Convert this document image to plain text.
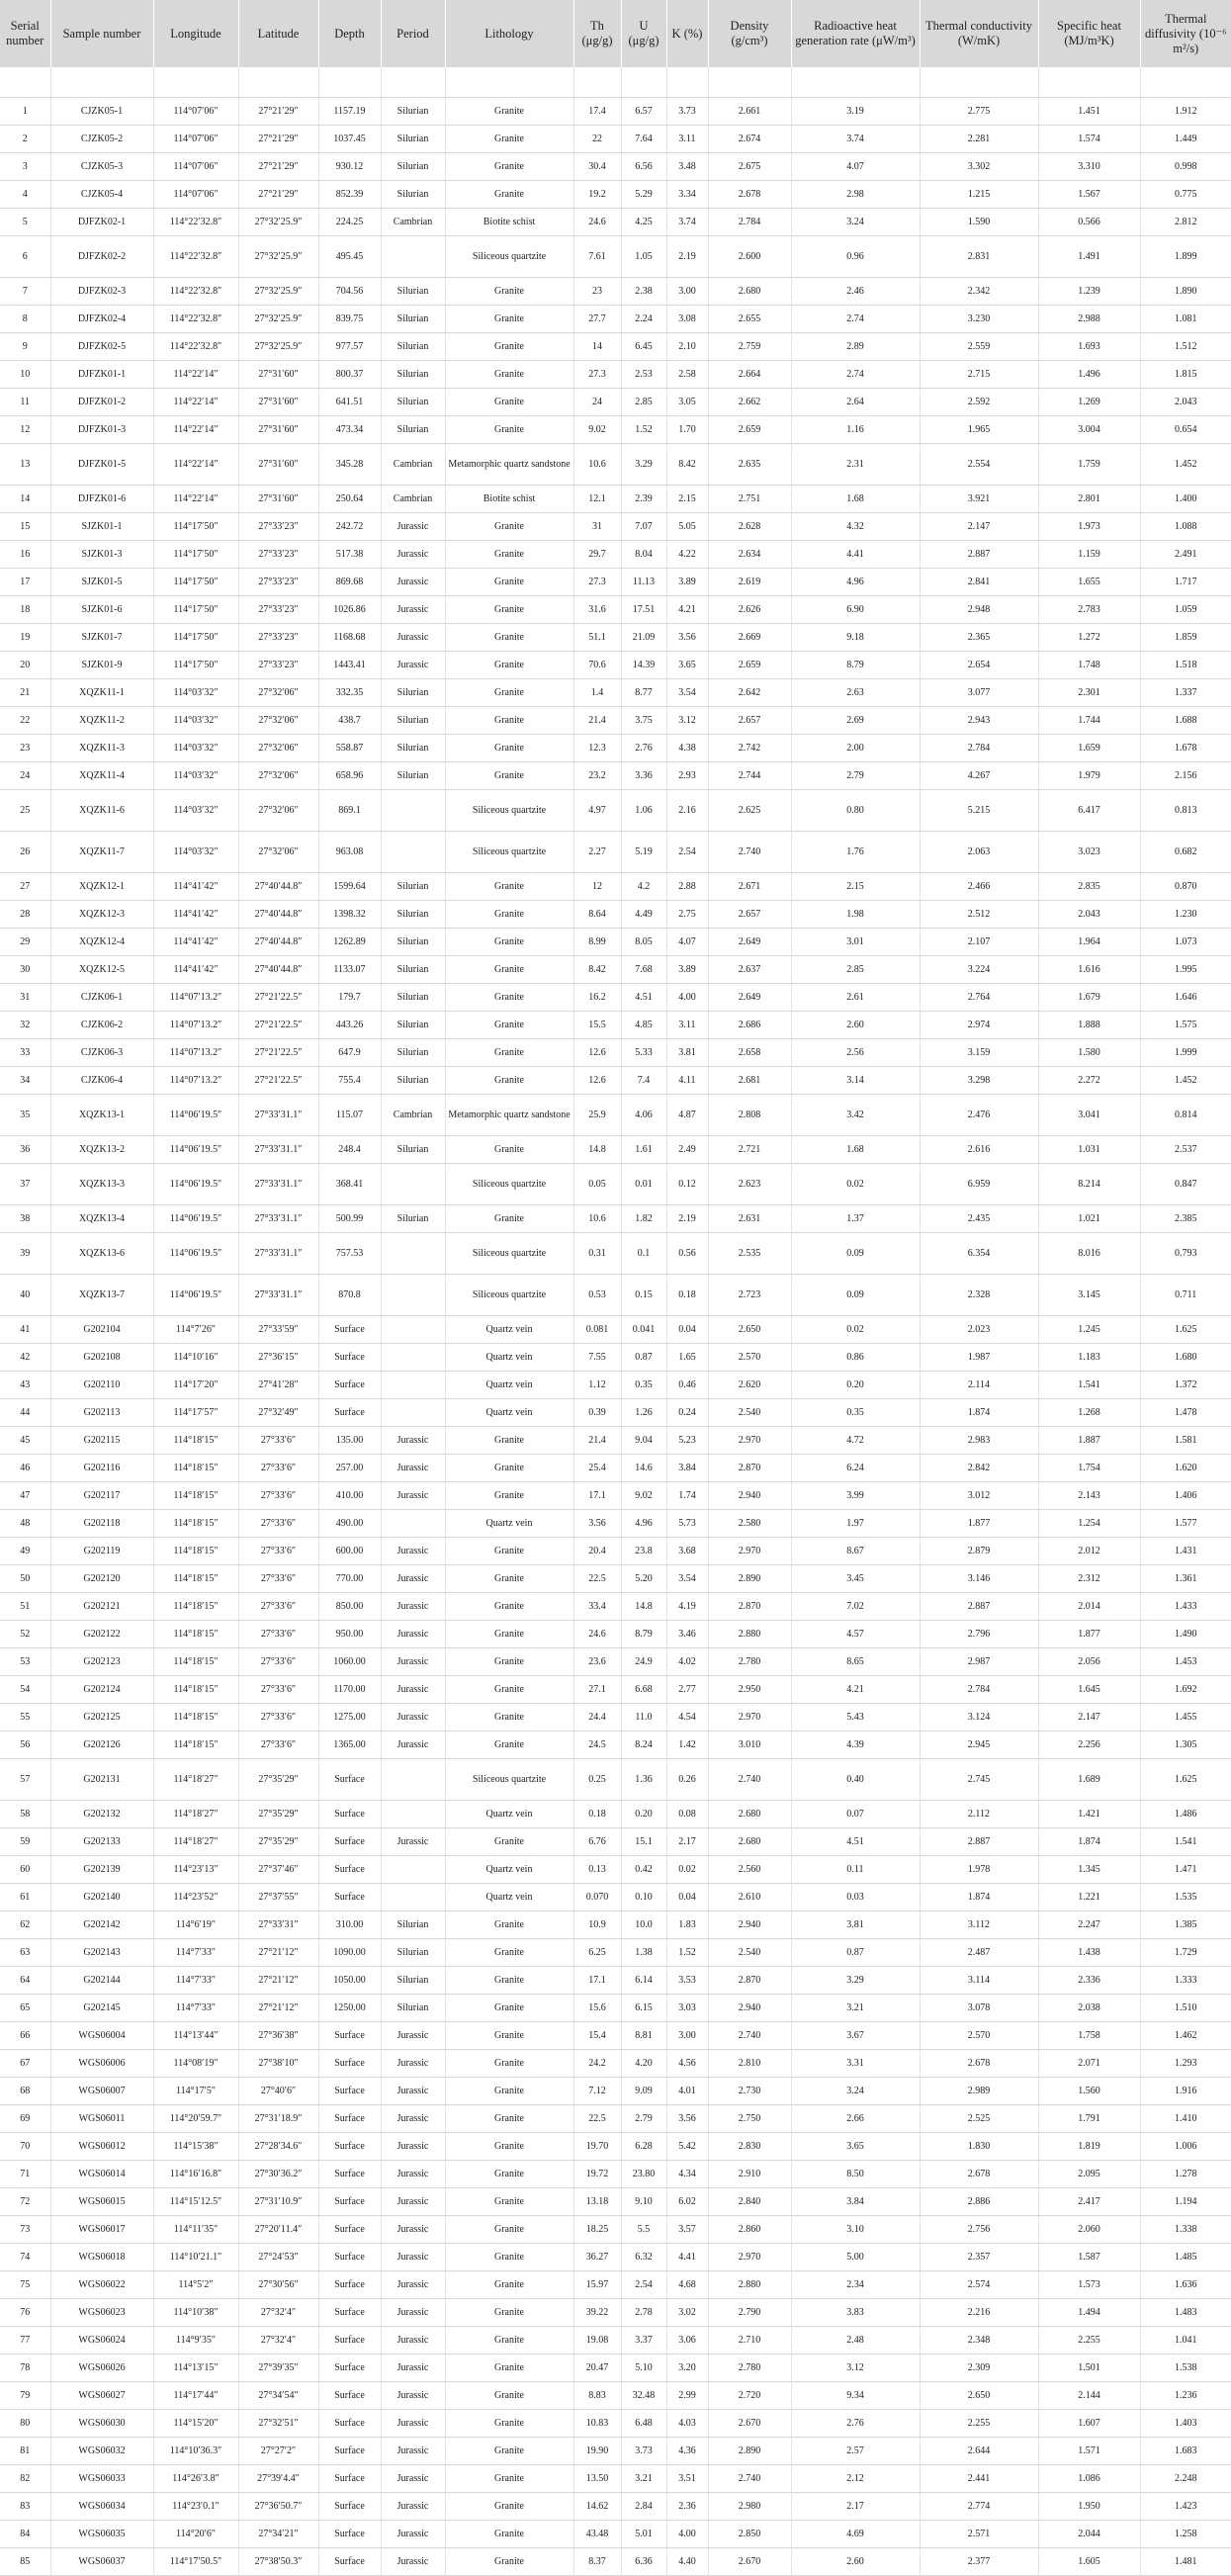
Serial number	Sample number	Longitude	Latitude	Depth	Period	Lithology	Th (μg/g)	U (μg/g)	K (%)	Density (g/cm³)	Radioactive heat generation rate (μW/m³)	Thermal conductivity (W/mK)	Specific heat (MJ/m³K)	Thermal diffusivity (10⁻⁶ m²/s)

1	CJZK05-1	114°07′06″	27°21′29″	1157.19	Silurian	Granite	17.4	6.57	3.73	2.661	3.19	2.775	1.451	1.912
2	CJZK05-2	114°07′06″	27°21′29″	1037.45	Silurian	Granite	22	7.64	3.11	2.674	3.74	2.281	1.574	1.449
3	CJZK05-3	114°07′06″	27°21′29″	930.12	Silurian	Granite	30.4	6.56	3.48	2.675	4.07	3.302	3.310	0.998
4	CJZK05-4	114°07′06″	27°21′29″	852.39	Silurian	Granite	19.2	5.29	3.34	2.678	2.98	1.215	1.567	0.775
5	DJFZK02-1	114°22′32.8″	27°32′25.9″	224.25	Cambrian	Biotite schist	24.6	4.25	3.74	2.784	3.24	1.590	0.566	2.812
6	DJFZK02-2	114°22′32.8″	27°32′25.9″	495.45		Siliceous quartzite	7.61	1.05	2.19	2.600	0.96	2.831	1.491	1.899
7	DJFZK02-3	114°22′32.8″	27°32′25.9″	704.56	Silurian	Granite	23	2.38	3.00	2.680	2.46	2.342	1.239	1.890
8	DJFZK02-4	114°22′32.8″	27°32′25.9″	839.75	Silurian	Granite	27.7	2.24	3.08	2.655	2.74	3.230	2.988	1.081
9	DJFZK02-5	114°22′32.8″	27°32′25.9″	977.57	Silurian	Granite	14	6.45	2.10	2.759	2.89	2.559	1.693	1.512
10	DJFZK01-1	114°22′14″	27°31′60″	800.37	Silurian	Granite	27.3	2.53	2.58	2.664	2.74	2.715	1.496	1.815
11	DJFZK01-2	114°22′14″	27°31′60″	641.51	Silurian	Granite	24	2.85	3.05	2.662	2.64	2.592	1.269	2.043
12	DJFZK01-3	114°22′14″	27°31′60″	473.34	Silurian	Granite	9.02	1.52	1.70	2.659	1.16	1.965	3.004	0.654
13	DJFZK01-5	114°22′14″	27°31′60″	345.28	Cambrian	Metamorphic quartz sandstone	10.6	3.29	8.42	2.635	2.31	2.554	1.759	1.452
14	DJFZK01-6	114°22′14″	27°31′60″	250.64	Cambrian	Biotite schist	12.1	2.39	2.15	2.751	1.68	3.921	2.801	1.400
15	SJZK01-1	114°17′50″	27°33′23″	242.72	Jurassic	Granite	31	7.07	5.05	2.628	4.32	2.147	1.973	1.088
16	SJZK01-3	114°17′50″	27°33′23″	517.38	Jurassic	Granite	29.7	8.04	4.22	2.634	4.41	2.887	1.159	2.491
17	SJZK01-5	114°17′50″	27°33′23″	869.68	Jurassic	Granite	27.3	11.13	3.89	2.619	4.96	2.841	1.655	1.717
18	SJZK01-6	114°17′50″	27°33′23″	1026.86	Jurassic	Granite	31.6	17.51	4.21	2.626	6.90	2.948	2.783	1.059
19	SJZK01-7	114°17′50″	27°33′23″	1168.68	Jurassic	Granite	51.1	21.09	3.56	2.669	9.18	2.365	1.272	1.859
20	SJZK01-9	114°17′50″	27°33′23″	1443.41	Jurassic	Granite	70.6	14.39	3.65	2.659	8.79	2.654	1.748	1.518
21	XQZK11-1	114°03′32″	27°32′06″	332.35	Silurian	Granite	1.4	8.77	3.54	2.642	2.63	3.077	2.301	1.337
22	XQZK11-2	114°03′32″	27°32′06″	438.7	Silurian	Granite	21.4	3.75	3.12	2.657	2.69	2.943	1.744	1.688
23	XQZK11-3	114°03′32″	27°32′06″	558.87	Silurian	Granite	12.3	2.76	4.38	2.742	2.00	2.784	1.659	1.678
24	XQZK11-4	114°03′32″	27°32′06″	658.96	Silurian	Granite	23.2	3.36	2.93	2.744	2.79	4.267	1.979	2.156
25	XQZK11-6	114°03′32″	27°32′06″	869.1		Siliceous quartzite	4.97	1.06	2.16	2.625	0.80	5.215	6.417	0.813
26	XQZK11-7	114°03′32″	27°32′06″	963.08		Siliceous quartzite	2.27	5.19	2.54	2.740	1.76	2.063	3.023	0.682
27	XQZK12-1	114°41′42″	27°40′44.8″	1599.64	Silurian	Granite	12	4.2	2.88	2.671	2.15	2.466	2.835	0.870
28	XQZK12-3	114°41′42″	27°40′44.8″	1398.32	Silurian	Granite	8.64	4.49	2.75	2.657	1.98	2.512	2.043	1.230
29	XQZK12-4	114°41′42″	27°40′44.8″	1262.89	Silurian	Granite	8.99	8.05	4.07	2.649	3.01	2.107	1.964	1.073
30	XQZK12-5	114°41′42″	27°40′44.8″	1133.07	Silurian	Granite	8.42	7.68	3.89	2.637	2.85	3.224	1.616	1.995
31	CJZK06-1	114°07′13.2″	27°21′22.5″	179.7	Silurian	Granite	16.2	4.51	4.00	2.649	2.61	2.764	1.679	1.646
32	CJZK06-2	114°07′13.2″	27°21′22.5″	443.26	Silurian	Granite	15.5	4.85	3.11	2.686	2.60	2.974	1.888	1.575
33	CJZK06-3	114°07′13.2″	27°21′22.5″	647.9	Silurian	Granite	12.6	5.33	3.81	2.658	2.56	3.159	1.580	1.999
34	CJZK06-4	114°07′13.2″	27°21′22.5″	755.4	Silurian	Granite	12.6	7.4	4.11	2.681	3.14	3.298	2.272	1.452
35	XQZK13-1	114°06′19.5″	27°33′31.1″	115.07	Cambrian	Metamorphic quartz sandstone	25.9	4.06	4.87	2.808	3.42	2.476	3.041	0.814
36	XQZK13-2	114°06′19.5″	27°33′31.1″	248.4	Silurian	Granite	14.8	1.61	2.49	2.721	1.68	2.616	1.031	2.537
37	XQZK13-3	114°06′19.5″	27°33′31.1″	368.41		Siliceous quartzite	0.05	0.01	0.12	2.623	0.02	6.959	8.214	0.847
38	XQZK13-4	114°06′19.5″	27°33′31.1″	500.99	Silurian	Granite	10.6	1.82	2.19	2.631	1.37	2.435	1.021	2.385
39	XQZK13-6	114°06′19.5″	27°33′31.1″	757.53		Siliceous quartzite	0.31	0.1	0.56	2.535	0.09	6.354	8.016	0.793
40	XQZK13-7	114°06′19.5″	27°33′31.1″	870.8		Siliceous quartzite	0.53	0.15	0.18	2.723	0.09	2.328	3.145	0.711
41	G202104	114°7′26″	27°33′59″	Surface		Quartz vein	0.081	0.041	0.04	2.650	0.02	2.023	1.245	1.625
42	G202108	114°10′16″	27°36′15″	Surface		Quartz vein	7.55	0.87	1.65	2.570	0.86	1.987	1.183	1.680
43	G202110	114°17′20″	27°41′28″	Surface		Quartz vein	1.12	0.35	0.46	2.620	0.20	2.114	1.541	1.372
44	G202113	114°17′57″	27°32′49″	Surface		Quartz vein	0.39	1.26	0.24	2.540	0.35	1.874	1.268	1.478
45	G202115	114°18′15″	27°33′6″	135.00	Jurassic	Granite	21.4	9.04	5.23	2.970	4.72	2.983	1.887	1.581
46	G202116	114°18′15″	27°33′6″	257.00	Jurassic	Granite	25.4	14.6	3.84	2.870	6.24	2.842	1.754	1.620
47	G202117	114°18′15″	27°33′6″	410.00	Jurassic	Granite	17.1	9.02	1.74	2.940	3.99	3.012	2.143	1.406
48	G202118	114°18′15″	27°33′6″	490.00		Quartz vein	3.56	4.96	5.73	2.580	1.97	1.877	1.254	1.577
49	G202119	114°18′15″	27°33′6″	600.00	Jurassic	Granite	20.4	23.8	3.68	2.970	8.67	2.879	2.012	1.431
50	G202120	114°18′15″	27°33′6″	770.00	Jurassic	Granite	22.5	5.20	3.54	2.890	3.45	3.146	2.312	1.361
51	G202121	114°18′15″	27°33′6″	850.00	Jurassic	Granite	33.4	14.8	4.19	2.870	7.02	2.887	2.014	1.433
52	G202122	114°18′15″	27°33′6″	950.00	Jurassic	Granite	24.6	8.79	3.46	2.880	4.57	2.796	1.877	1.490
53	G202123	114°18′15″	27°33′6″	1060.00	Jurassic	Granite	23.6	24.9	4.02	2.780	8.65	2.987	2.056	1.453
54	G202124	114°18′15″	27°33′6″	1170.00	Jurassic	Granite	27.1	6.68	2.77	2.950	4.21	2.784	1.645	1.692
55	G202125	114°18′15″	27°33′6″	1275.00	Jurassic	Granite	24.4	11.0	4.54	2.970	5.43	3.124	2.147	1.455
56	G202126	114°18′15″	27°33′6″	1365.00	Jurassic	Granite	24.5	8.24	1.42	3.010	4.39	2.945	2.256	1.305
57	G202131	114°18′27″	27°35′29″	Surface		Siliceous quartzite	0.25	1.36	0.26	2.740	0.40	2.745	1.689	1.625
58	G202132	114°18′27″	27°35′29″	Surface		Quartz vein	0.18	0.20	0.08	2.680	0.07	2.112	1.421	1.486
59	G202133	114°18′27″	27°35′29″	Surface	Jurassic	Granite	6.76	15.1	2.17	2.680	4.51	2.887	1.874	1.541
60	G202139	114°23′13″	27°37′46″	Surface		Quartz vein	0.13	0.42	0.02	2.560	0.11	1.978	1.345	1.471
61	G202140	114°23′52″	27°37′55″	Surface		Quartz vein	0.070	0.10	0.04	2.610	0.03	1.874	1.221	1.535
62	G202142	114°6′19″	27°33′31″	310.00	Silurian	Granite	10.9	10.0	1.83	2.940	3.81	3.112	2.247	1.385
63	G202143	114°7′33″	27°21′12″	1090.00	Silurian	Granite	6.25	1.38	1.52	2.540	0.87	2.487	1.438	1.729
64	G202144	114°7′33″	27°21′12″	1050.00	Silurian	Granite	17.1	6.14	3.53	2.870	3.29	3.114	2.336	1.333
65	G202145	114°7′33″	27°21′12″	1250.00	Silurian	Granite	15.6	6.15	3.03	2.940	3.21	3.078	2.038	1.510
66	WGS06004	114°13′44″	27°36′38″	Surface	Jurassic	Granite	15.4	8.81	3.00	2.740	3.67	2.570	1.758	1.462
67	WGS06006	114°08′19″	27°38′10″	Surface	Jurassic	Granite	24.2	4.20	4.56	2.810	3.31	2.678	2.071	1.293
68	WGS06007	114°17′5″	27°40′6″	Surface	Jurassic	Granite	7.12	9.09	4.01	2.730	3.24	2.989	1.560	1.916
69	WGS06011	114°20′59.7″	27°31′18.9″	Surface	Jurassic	Granite	22.5	2.79	3.56	2.750	2.66	2.525	1.791	1.410
70	WGS06012	114°15′38″	27°28′34.6″	Surface	Jurassic	Granite	19.70	6.28	5.42	2.830	3.65	1.830	1.819	1.006
71	WGS06014	114°16′16.8″	27°30′36.2″	Surface	Jurassic	Granite	19.72	23.80	4.34	2.910	8.50	2.678	2.095	1.278
72	WGS06015	114°15′12.5″	27°31′10.9″	Surface	Jurassic	Granite	13.18	9.10	6.02	2.840	3.84	2.886	2.417	1.194
73	WGS06017	114°11′35″	27°20′11.4″	Surface	Jurassic	Granite	18.25	5.5	3.57	2.860	3.10	2.756	2.060	1.338
74	WGS06018	114°10′21.1″	27°24′53″	Surface	Jurassic	Granite	36.27	6.32	4.41	2.970	5.00	2.357	1.587	1.485
75	WGS06022	114°5′2″	27°30′56″	Surface	Jurassic	Granite	15.97	2.54	4.68	2.880	2.34	2.574	1.573	1.636
76	WGS06023	114°10′38″	27°32′4″	Surface	Jurassic	Granite	39.22	2.78	3.02	2.790	3.83	2.216	1.494	1.483
77	WGS06024	114°9′35″	27°32′4″	Surface	Jurassic	Granite	19.08	3.37	3.06	2.710	2.48	2.348	2.255	1.041
78	WGS06026	114°13′15″	27°39′35″	Surface	Jurassic	Granite	20.47	5.10	3.20	2.780	3.12	2.309	1.501	1.538
79	WGS06027	114°17′44″	27°34′54″	Surface	Jurassic	Granite	8.83	32.48	2.99	2.720	9.34	2.650	2.144	1.236
80	WGS06030	114°15′20″	27°32′51″	Surface	Jurassic	Granite	10.83	6.48	4.03	2.670	2.76	2.255	1.607	1.403
81	WGS06032	114°10′36.3″	27°27′2″	Surface	Jurassic	Granite	19.90	3.73	4.36	2.890	2.57	2.644	1.571	1.683
82	WGS06033	114°26′3.8″	27°39′4.4″	Surface	Jurassic	Granite	13.50	3.21	3.51	2.740	2.12	2.441	1.086	2.248
83	WGS06034	114°23′0.1″	27°36′50.7″	Surface	Jurassic	Granite	14.62	2.84	2.36	2.980	2.17	2.774	1.950	1.423
84	WGS06035	114°20′6″	27°34′21″	Surface	Jurassic	Granite	43.48	5.01	4.00	2.850	4.69	2.571	2.044	1.258
85	WGS06037	114°17′50.5″	27°38′50.3″	Surface	Jurassic	Granite	8.37	6.36	4.40	2.670	2.60	2.377	1.605	1.481
